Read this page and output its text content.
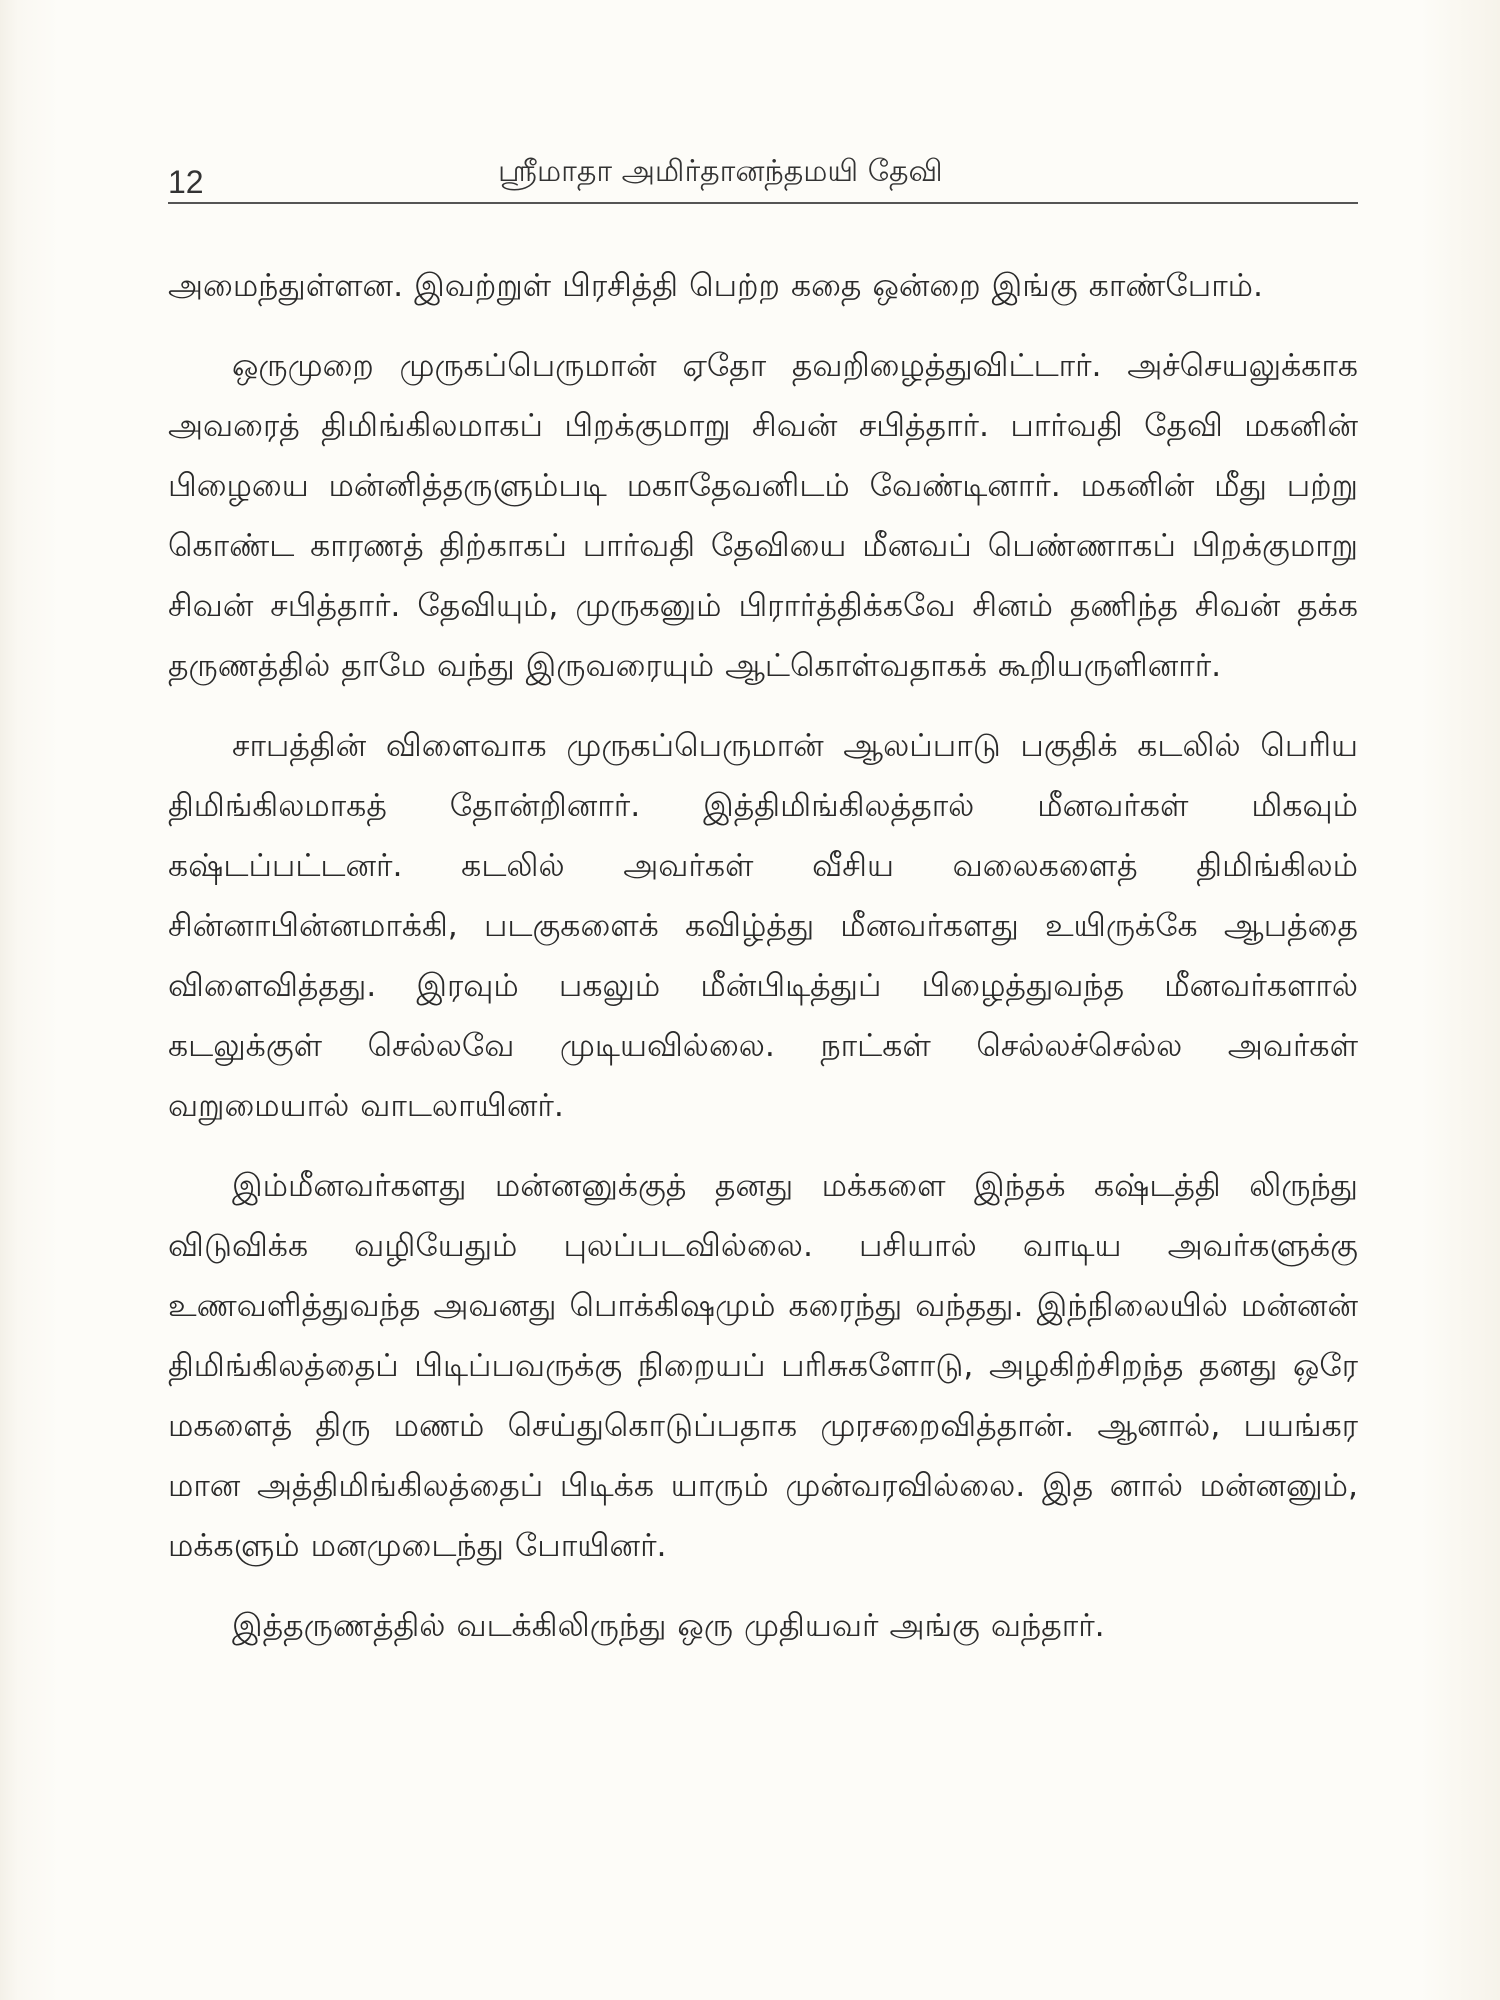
12	ஸ்ரீமாதா அமிர்தானந்தமயி தேவி

அமைந்துள்ளன. இவற்றுள் பிரசித்தி பெற்ற கதை ஒன்றை இங்கு காண்போம்.

ஒருமுறை முருகப்பெருமான் ஏதோ தவறிழைத்துவிட்டார். அச்செயலுக்காக அவரைத் திமிங்கிலமாகப் பிறக்குமாறு சிவன் சபித்தார். பார்வதி தேவி மகனின் பிழையை மன்னித்தருளும்படி மகாதேவனிடம் வேண்டினார். மகனின் மீது பற்று கொண்ட காரணத் திற்காகப் பார்வதி தேவியை மீனவப் பெண்ணாகப் பிறக்குமாறு சிவன் சபித்தார். தேவியும், முருகனும் பிரார்த்திக்கவே சினம் தணிந்த சிவன் தக்க தருணத்தில் தாமே வந்து இருவரையும் ஆட்கொள்வதாகக் கூறியருளினார்.

சாபத்தின் விளைவாக முருகப்பெருமான் ஆலப்பாடு பகுதிக் கடலில் பெரிய திமிங்கிலமாகத் தோன்றினார். இத்திமிங்கிலத்தால் மீனவர்கள் மிகவும் கஷ்டப்பட்டனர். கடலில் அவர்கள் வீசிய வலைகளைத் திமிங்கிலம் சின்னாபின்னமாக்கி, படகுகளைக் கவிழ்த்து மீனவர்களது உயிருக்கே ஆபத்தை விளைவித்தது. இரவும் பகலும் மீன்பிடித்துப் பிழைத்துவந்த மீனவர்களால் கடலுக்குள் செல்லவே முடியவில்லை. நாட்கள் செல்லச்செல்ல அவர்கள் வறுமையால் வாடலாயினர்.

இம்மீனவர்களது மன்னனுக்குத் தனது மக்களை இந்தக் கஷ்டத்தி லிருந்து விடுவிக்க வழியேதும் புலப்படவில்லை. பசியால் வாடிய அவர்களுக்கு உணவளித்துவந்த அவனது பொக்கிஷமும் கரைந்து வந்தது. இந்நிலையில் மன்னன் திமிங்கிலத்தைப் பிடிப்பவருக்கு நிறையப் பரிசுகளோடு, அழகிற்சிறந்த தனது ஒரே மகளைத் திரு மணம் செய்துகொடுப்பதாக முரசறைவித்தான். ஆனால், பயங்கர மான அத்திமிங்கிலத்தைப் பிடிக்க யாரும் முன்வரவில்லை. இத னால் மன்னனும், மக்களும் மனமுடைந்து போயினர்.

இத்தருணத்தில் வடக்கிலிருந்து ஒரு முதியவர் அங்கு வந்தார்.
